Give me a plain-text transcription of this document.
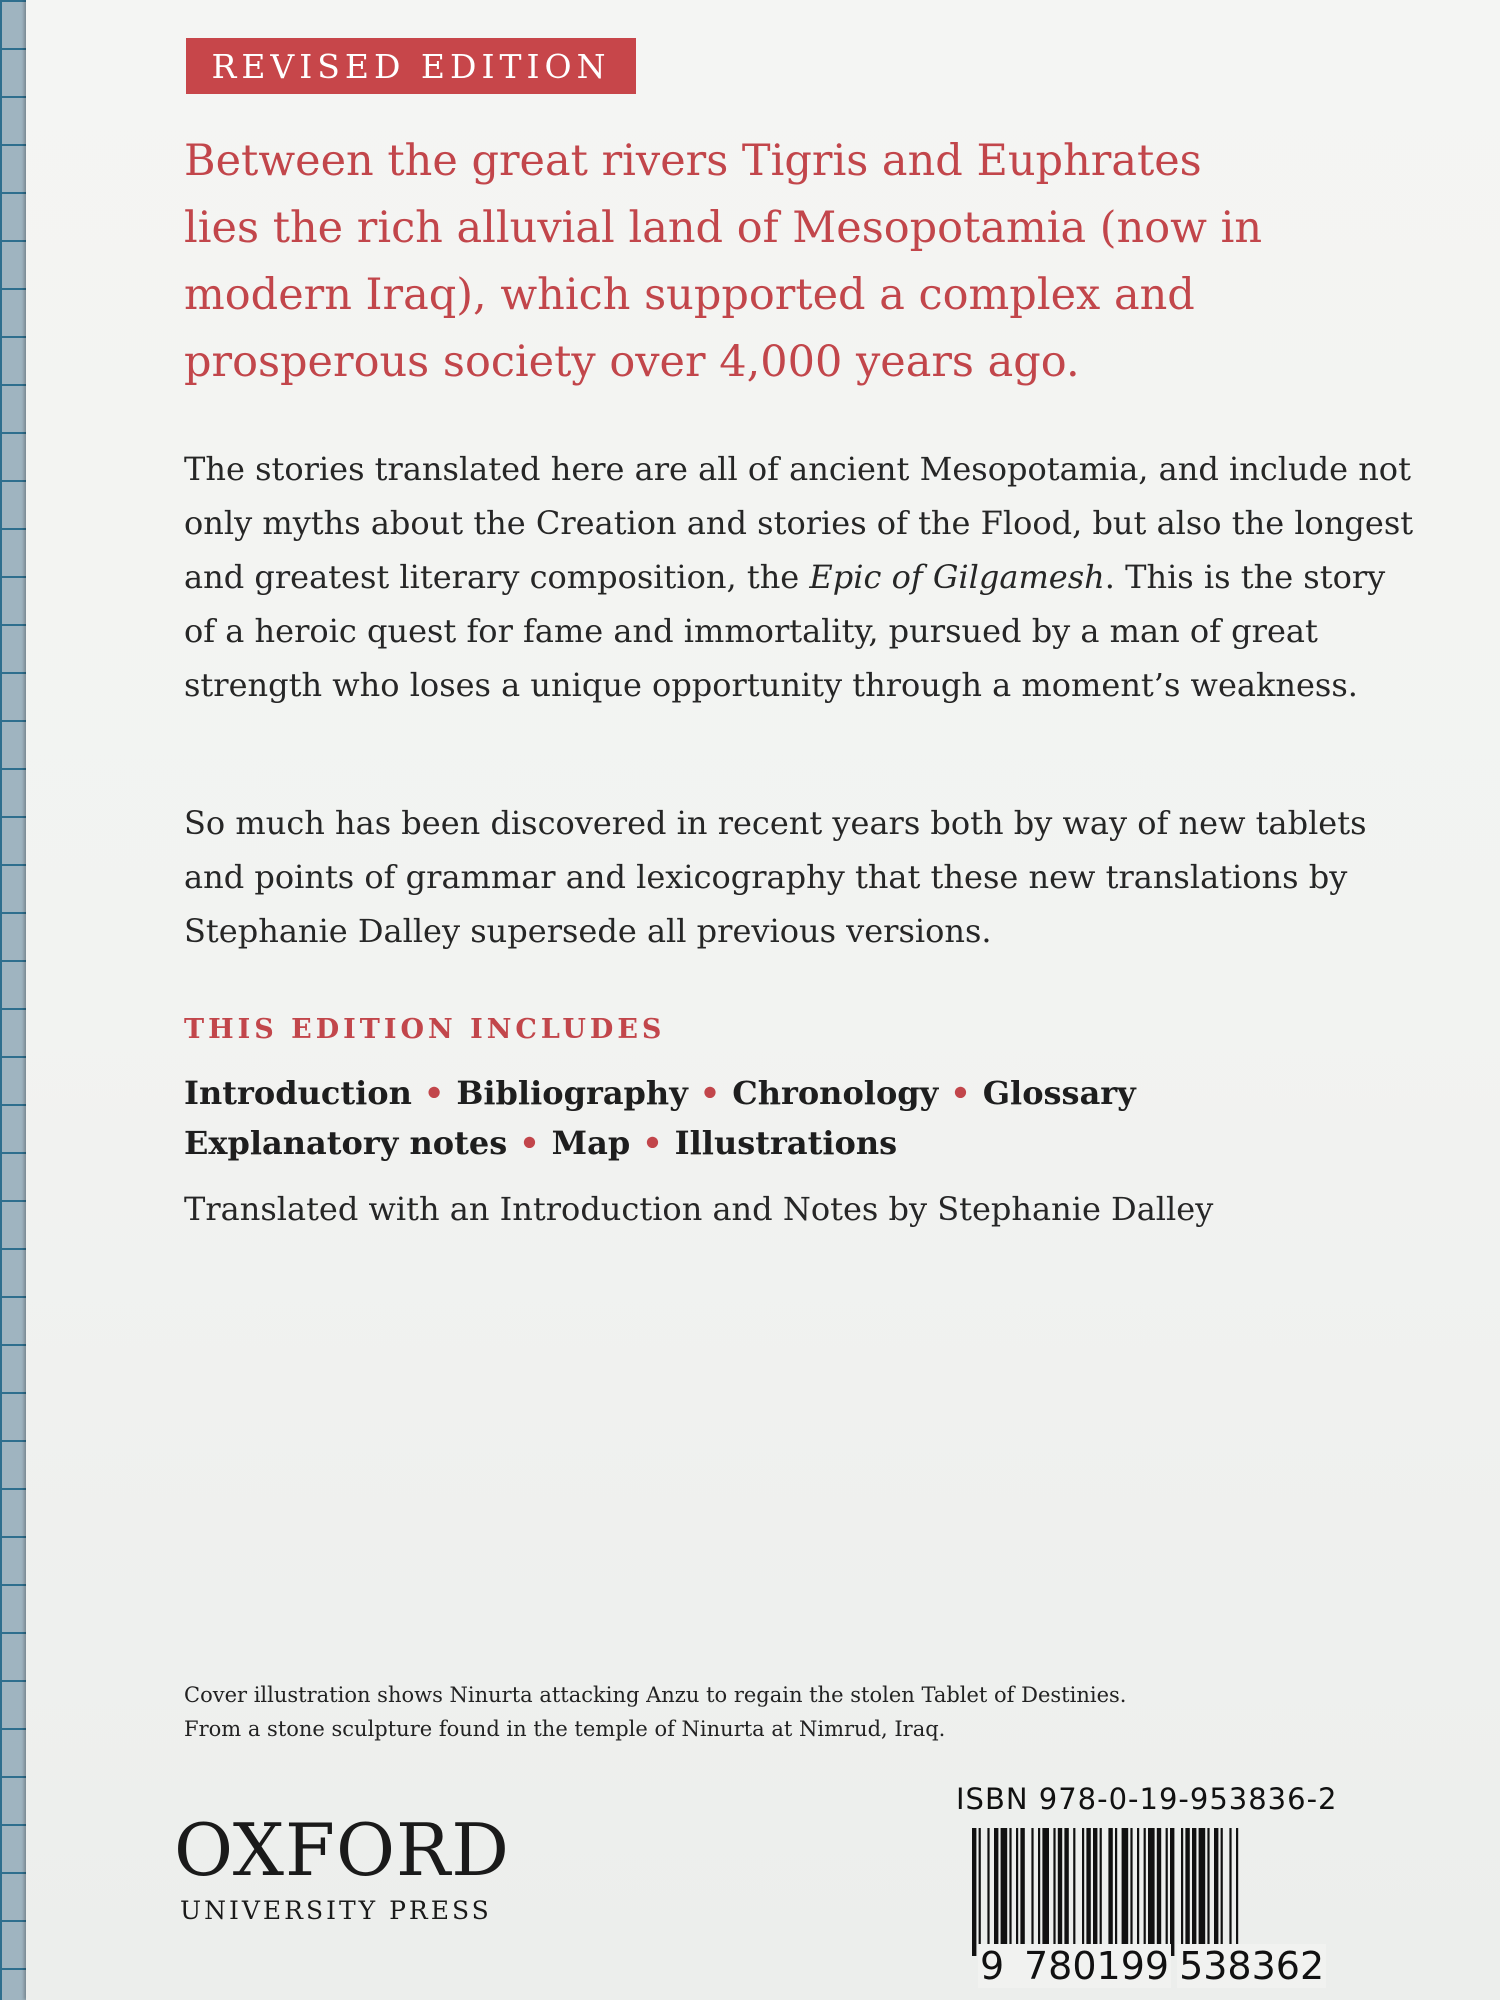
REVISED EDITION

Between the great rivers Tigris and Euphrates lies the rich alluvial land of Mesopotamia (now in modern Iraq), which supported a complex and prosperous society over 4,000 years ago.

The stories translated here are all of ancient Mesopotamia, and include not only myths about the Creation and stories of the Flood, but also the longest and greatest literary composition, the Epic of Gilgamesh. This is the story of a heroic quest for fame and immortality, pursued by a man of great strength who loses a unique opportunity through a moment’s weakness.

So much has been discovered in recent years both by way of new tablets and points of grammar and lexicography that these new translations by Stephanie Dalley supersede all previous versions.

THIS EDITION INCLUDES
Introduction • Bibliography • Chronology • Glossary
Explanatory notes • Map • Illustrations
Translated with an Introduction and Notes by Stephanie Dalley
Cover illustration shows Ninurta attacking Anzu to regain the stolen Tablet of Destinies.
From a stone sculpture found in the temple of Ninurta at Nimrud, Iraq.
OXFORD
UNIVERSITY PRESS
ISBN 978-0-19-953836-2
9 780199 538362
